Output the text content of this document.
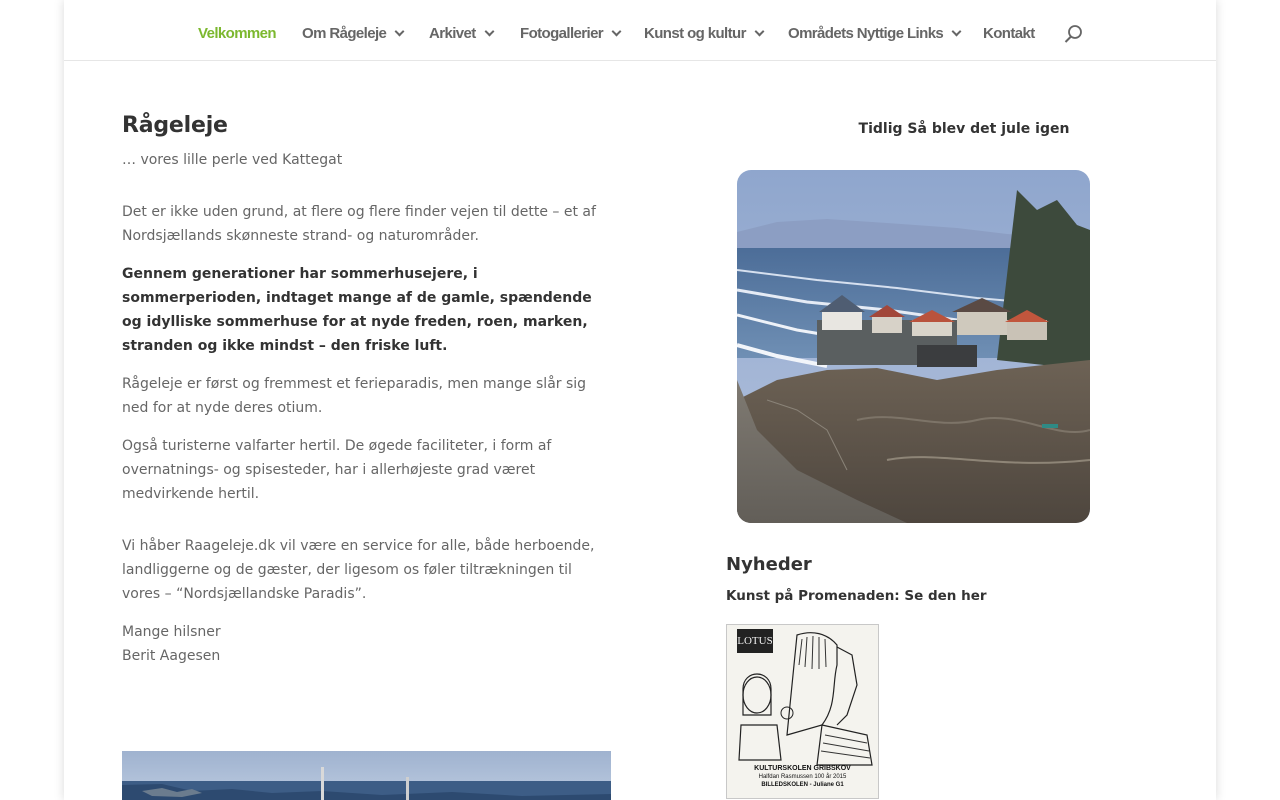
Velkommen Om Rågeleje	Arkivet	Fotogallerier	Kunst og kultur	Områdets Nyttige Links	Kontakt
Rågeleje

… vores lille perle ved Kattegat

Det er ikke uden grund, at flere og flere finder vejen til dette – et af Nordsjællands skønneste strand- og naturområder.

Gennem generationer har sommerhusejere, i sommerperioden, indtaget mange af de gamle, spændende og idylliske sommerhuse for at nyde freden, roen, marken, stranden og ikke mindst – den friske luft.

Rågeleje er først og fremmest et ferieparadis, men mange slår sig ned for at nyde deres otium.

Også turisterne valfarter hertil. De øgede faciliteter, i form af overnatnings- og spisesteder, har i allerhøjeste grad været medvirkende hertil.

Vi håber Raageleje.dk vil være en service for alle, både herboende, landliggerne og de gæster, der ligesom os føler tiltrækningen til vores – “Nordsjællandske Paradis”.

Mange hilsner

Berit Aagesen

Tidlig Så blev det jule igen

Nyheder
Kunst på Promenaden: Se den her
LOTUS
KULTURSKOLEN GRIBSKOV
Halfdan Rasmussen 100 år 2015
BILLEDSKOLEN - Juliane G1
